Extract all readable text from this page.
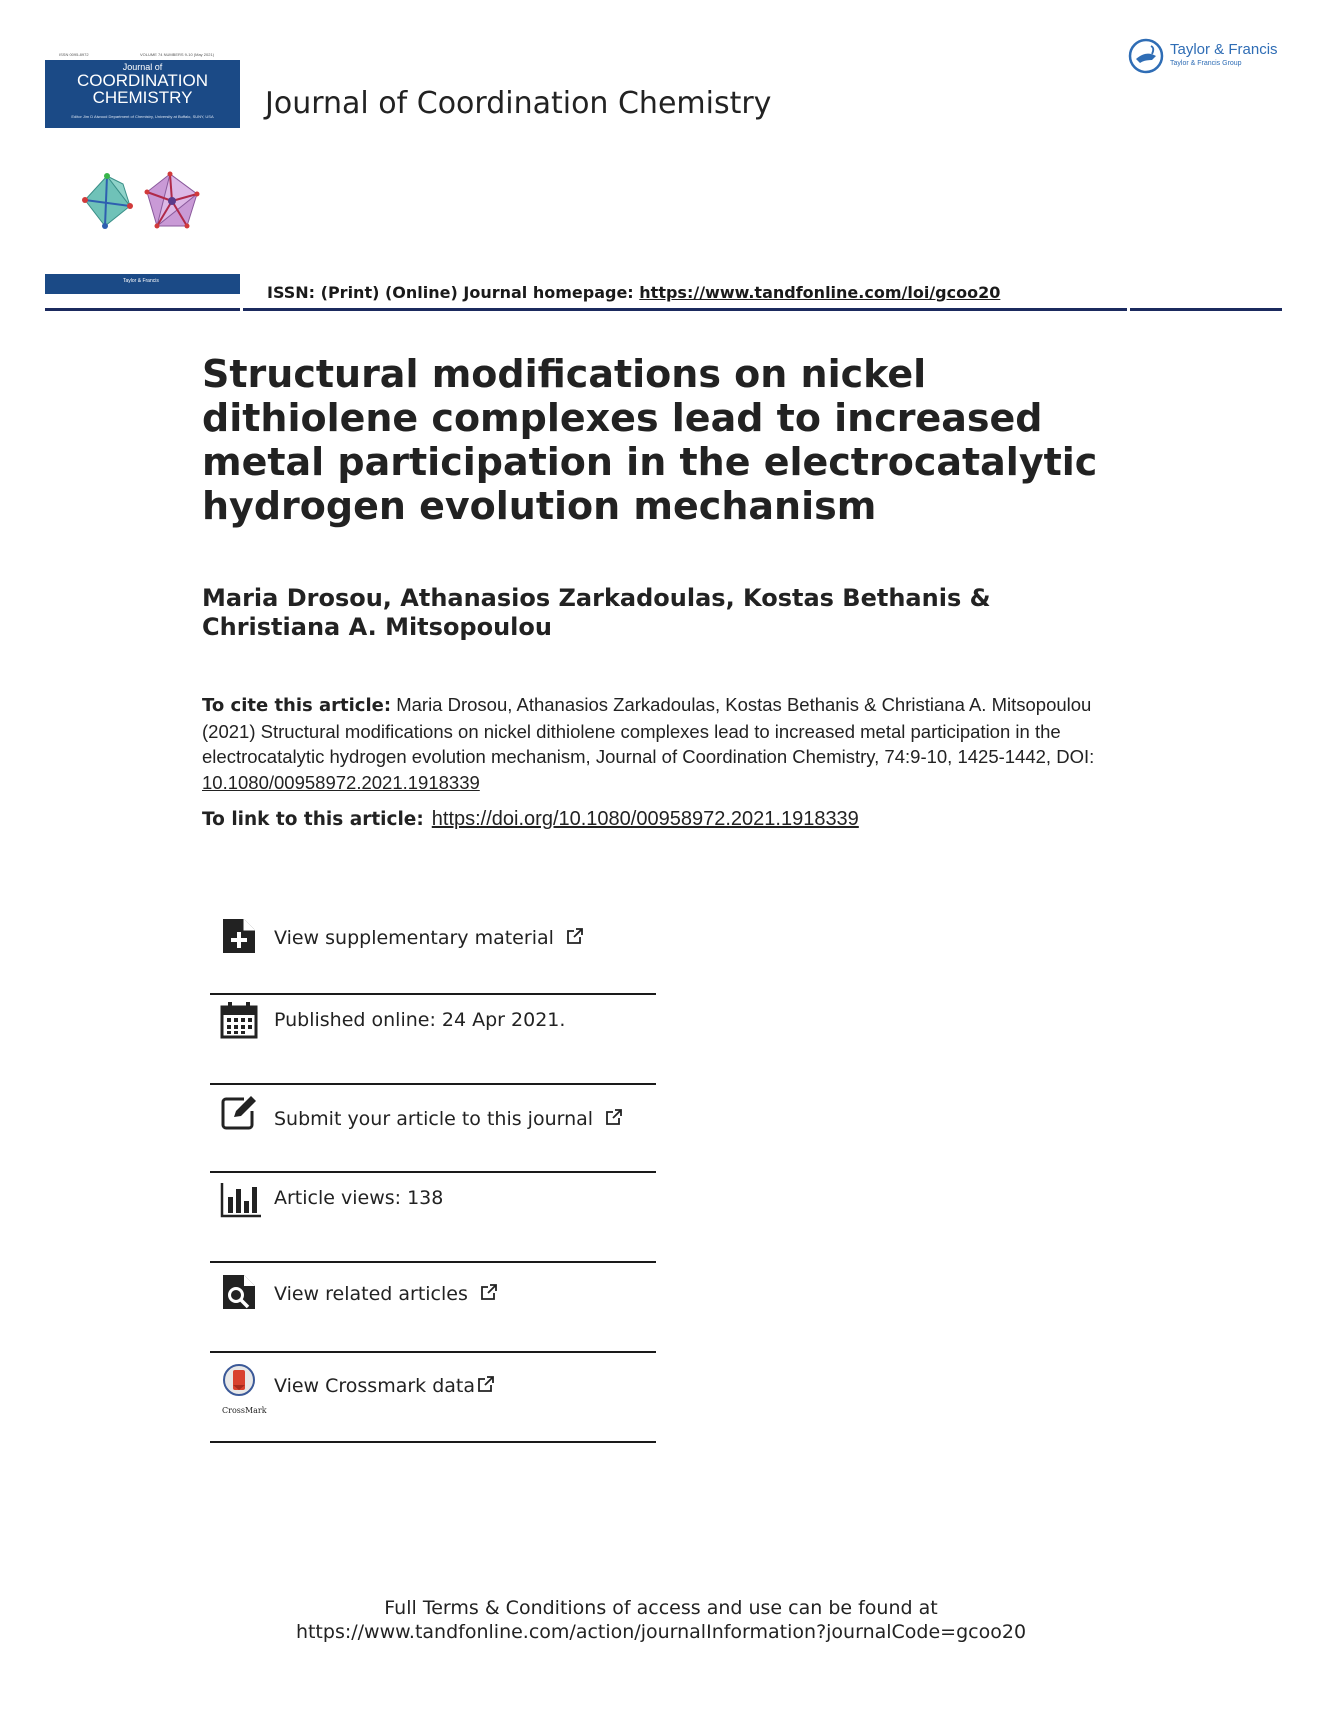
ISSN 0095-8972	VOLUME 74 NUMBERS 9-10 (May 2021)
Journal of
COORDINATION
CHEMISTRY
Editor Jim D Atwood Department of Chemistry, University at Buffalo, SUNY, USA
Taylor & Francis
Journal of Coordination Chemistry
Taylor & Francis
Taylor & Francis Group
ISSN: (Print) (Online) Journal homepage: https://www.tandfonline.com/loi/gcoo20
Structural modifications on nickel dithiolene complexes lead to increased metal participation in the electrocatalytic hydrogen evolution mechanism
Maria Drosou, Athanasios Zarkadoulas, Kostas Bethanis & Christiana A. Mitsopoulou
To cite this article: Maria Drosou, Athanasios Zarkadoulas, Kostas Bethanis & Christiana A. Mitsopoulou (2021) Structural modifications on nickel dithiolene complexes lead to increased metal participation in the electrocatalytic hydrogen evolution mechanism, Journal of Coordination Chemistry, 74:9-10, 1425-1442, DOI: 10.1080/00958972.2021.1918339
To link to this article: https://doi.org/10.1080/00958972.2021.1918339
View supplementary material
Published online: 24 Apr 2021.
Submit your article to this journal
Article views: 138
View related articles
CrossMark
View Crossmark data
Full Terms & Conditions of access and use can be found at
https://www.tandfonline.com/action/journalInformation?journalCode=gcoo20
